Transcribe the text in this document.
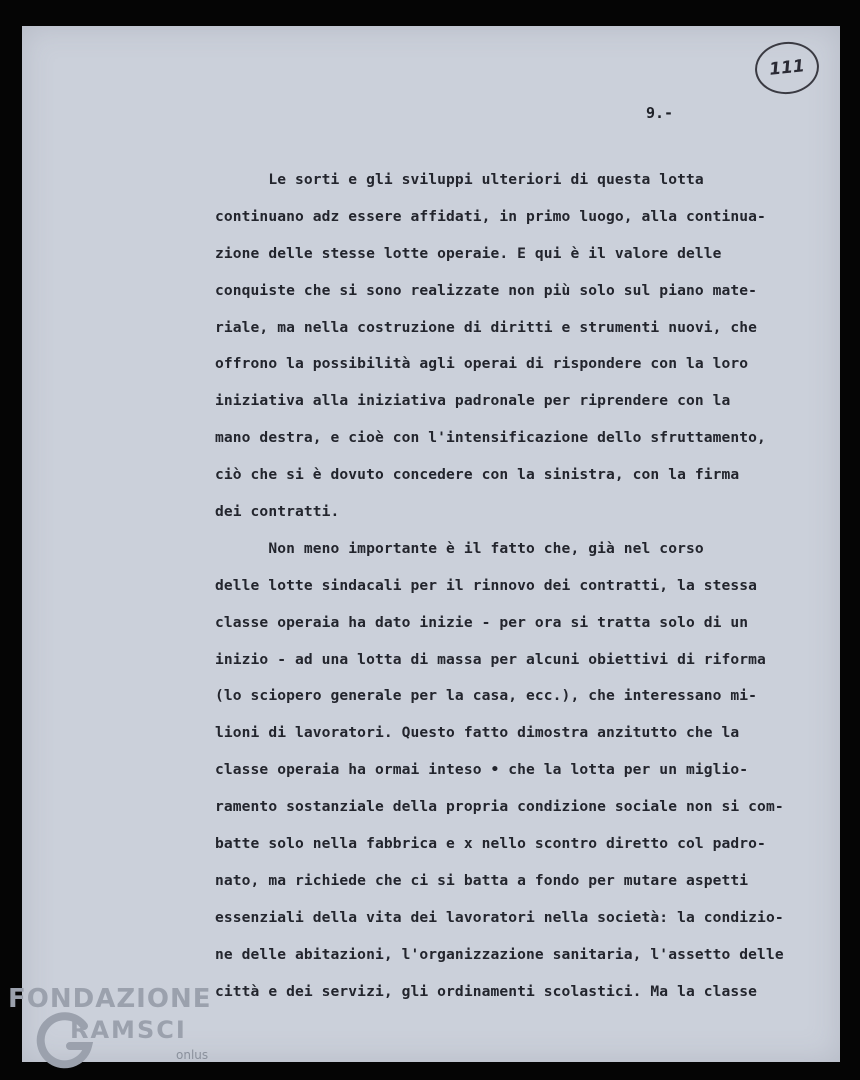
111
9.-
Le sorti e gli sviluppi ulteriori di questa lotta
continuano adz essere affidati, in primo luogo, alla continua-
zione delle stesse lotte operaie. E qui è il valore delle
conquiste che si sono realizzate non più solo sul piano mate-
riale, ma nella costruzione di diritti e strumenti nuovi, che
offrono la possibilità agli operai di rispondere con la loro
iniziativa alla iniziativa padronale per riprendere con la
mano destra, e cioè con l'intensificazione dello sfruttamento,
ciò che si è dovuto concedere con la sinistra, con la firma
dei contratti.
Non meno importante è il fatto che, già nel corso
delle lotte sindacali per il rinnovo dei contratti, la stessa
classe operaia ha dato inizie - per ora si tratta solo di un
inizio - ad una lotta di massa per alcuni obiettivi di riforma
(lo sciopero generale per la casa, ecc.), che interessano mi-
lioni di lavoratori. Questo fatto dimostra anzitutto che la
classe operaia ha ormai inteso • che la lotta per un miglio-
ramento sostanziale della propria condizione sociale non si com-
batte solo nella fabbrica e x nello scontro diretto col padro-
nato, ma richiede che ci si batta a fondo per mutare aspetti
essenziali della vita dei lavoratori nella società: la condizio-
ne delle abitazioni, l'organizzazione sanitaria, l'assetto delle
città e dei servizi, gli ordinamenti scolastici. Ma la classe
FONDAZIONE
RAMSCI
onlus
